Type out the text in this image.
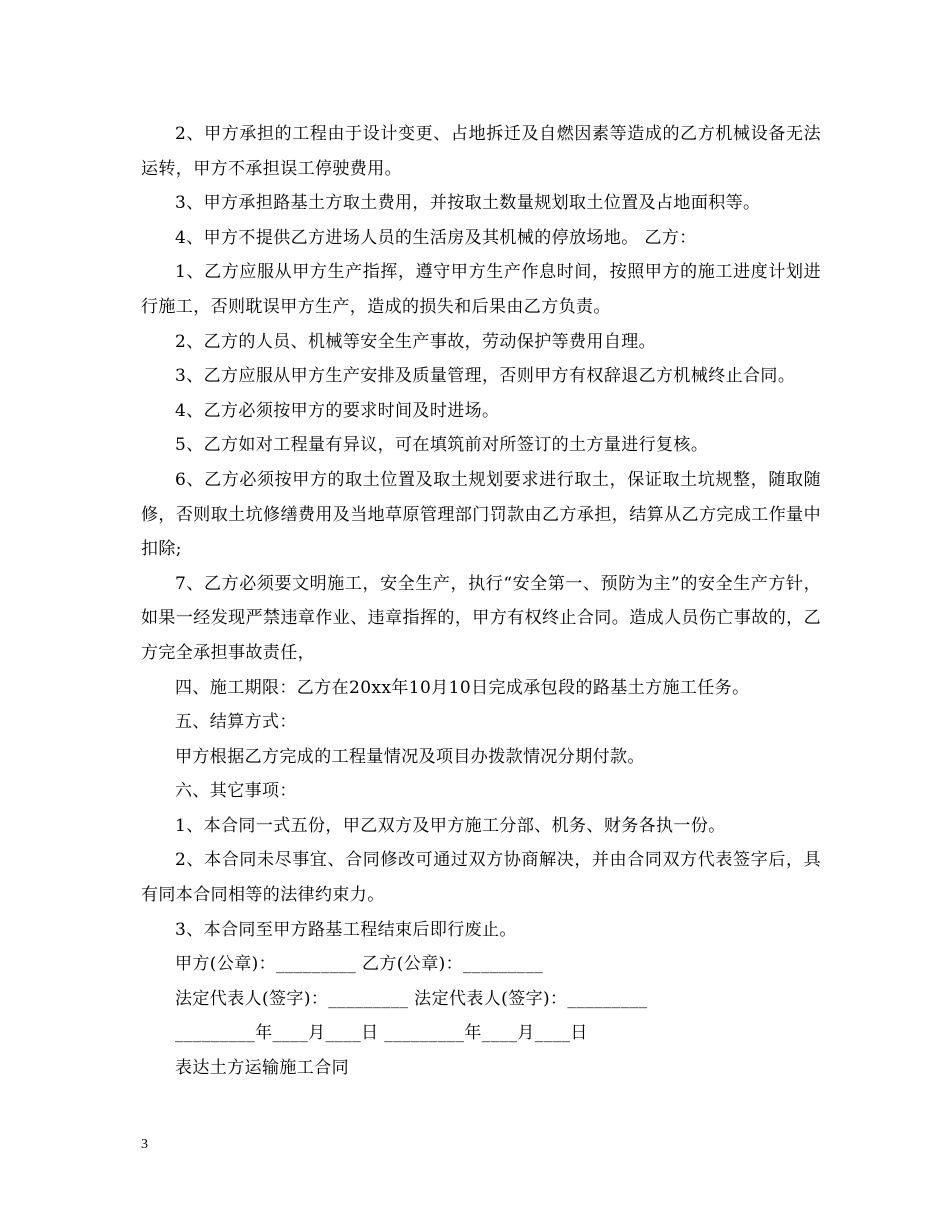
2、甲方承担的工程由于设计变更、占地拆迁及自燃因素等造成的乙方机械设备无法运转，甲方不承担误工停驶费用。

3、甲方承担路基土方取土费用，并按取土数量规划取土位置及占地面积等。

4、甲方不提供乙方进场人员的生活房及其机械的停放场地。 乙方：

1、乙方应服从甲方生产指挥，遵守甲方生产作息时间，按照甲方的施工进度计划进行施工，否则耽误甲方生产，造成的损失和后果由乙方负责。

2、乙方的人员、机械等安全生产事故，劳动保护等费用自理。

3、乙方应服从甲方生产安排及质量管理，否则甲方有权辞退乙方机械终止合同。

4、乙方必须按甲方的要求时间及时进场。

5、乙方如对工程量有异议，可在填筑前对所签订的土方量进行复核。

6、乙方必须按甲方的取土位置及取土规划要求进行取土，保证取土坑规整，随取随修，否则取土坑修缮费用及当地草原管理部门罚款由乙方承担，结算从乙方完成工作量中扣除;

7、乙方必须要文明施工，安全生产，执行“安全第一、预防为主”的安全生产方针，如果一经发现严禁违章作业、违章指挥的，甲方有权终止合同。造成人员伤亡事故的，乙方完全承担事故责任，

四、施工期限：乙方在20xx年10月10日完成承包段的路基土方施工任务。

五、结算方式：

甲方根据乙方完成的工程量情况及项目办拨款情况分期付款。

六、其它事项：

1、本合同一式五份，甲乙双方及甲方施工分部、机务、财务各执一份。

2、本合同未尽事宜、合同修改可通过双方协商解决，并由合同双方代表签字后，具有同本合同相等的法律约束力。

3、本合同至甲方路基工程结束后即行废止。

甲方(公章)：_________ 乙方(公章)：_________

法定代表人(签字)：_________ 法定代表人(签字)：_________

_________年____月____日 _________年____月____日

表达土方运输施工合同

3
